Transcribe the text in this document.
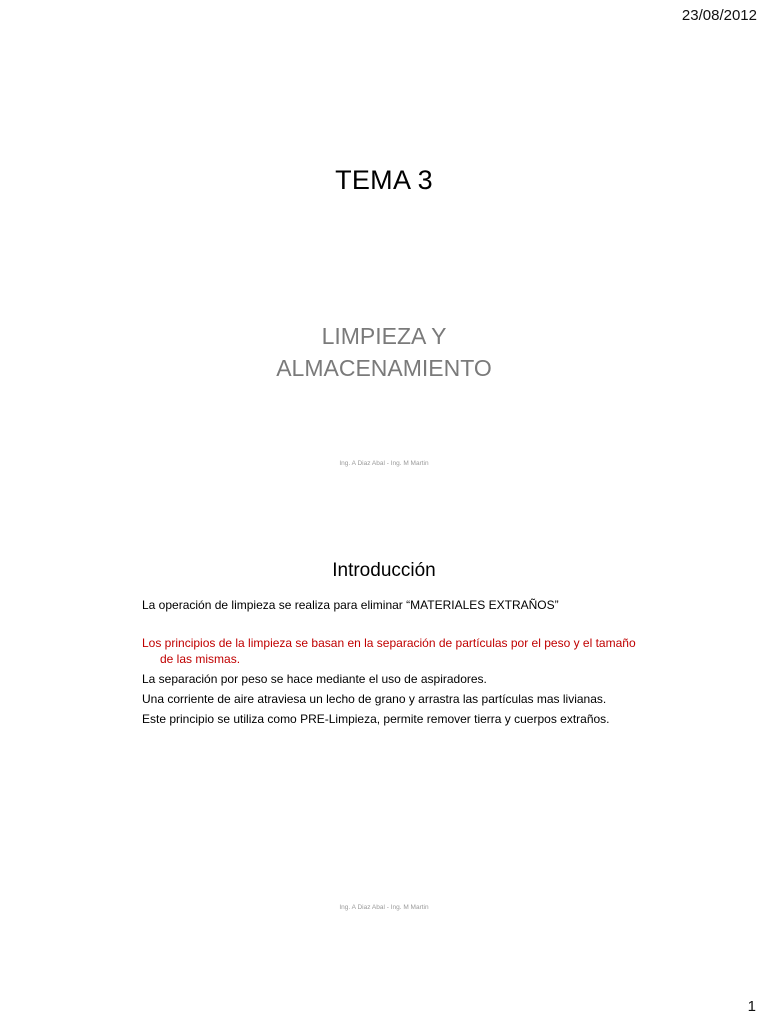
23/08/2012
TEMA 3
LIMPIEZA Y
ALMACENAMIENTO
Ing. A Diaz Abal - Ing. M Martin
Introducción
La operación de limpieza se realiza para eliminar “MATERIALES EXTRAÑOS”
Los principios de la limpieza se basan en la separación de partículas por el peso y el tamaño de las mismas.
La separación por peso se hace mediante el uso de aspiradores.
Una corriente de aire atraviesa un lecho de grano y arrastra las partículas mas livianas.
Este principio se utiliza como PRE-Limpieza, permite remover tierra y cuerpos extraños.
Ing. A Diaz Abal - Ing. M Martin
1
